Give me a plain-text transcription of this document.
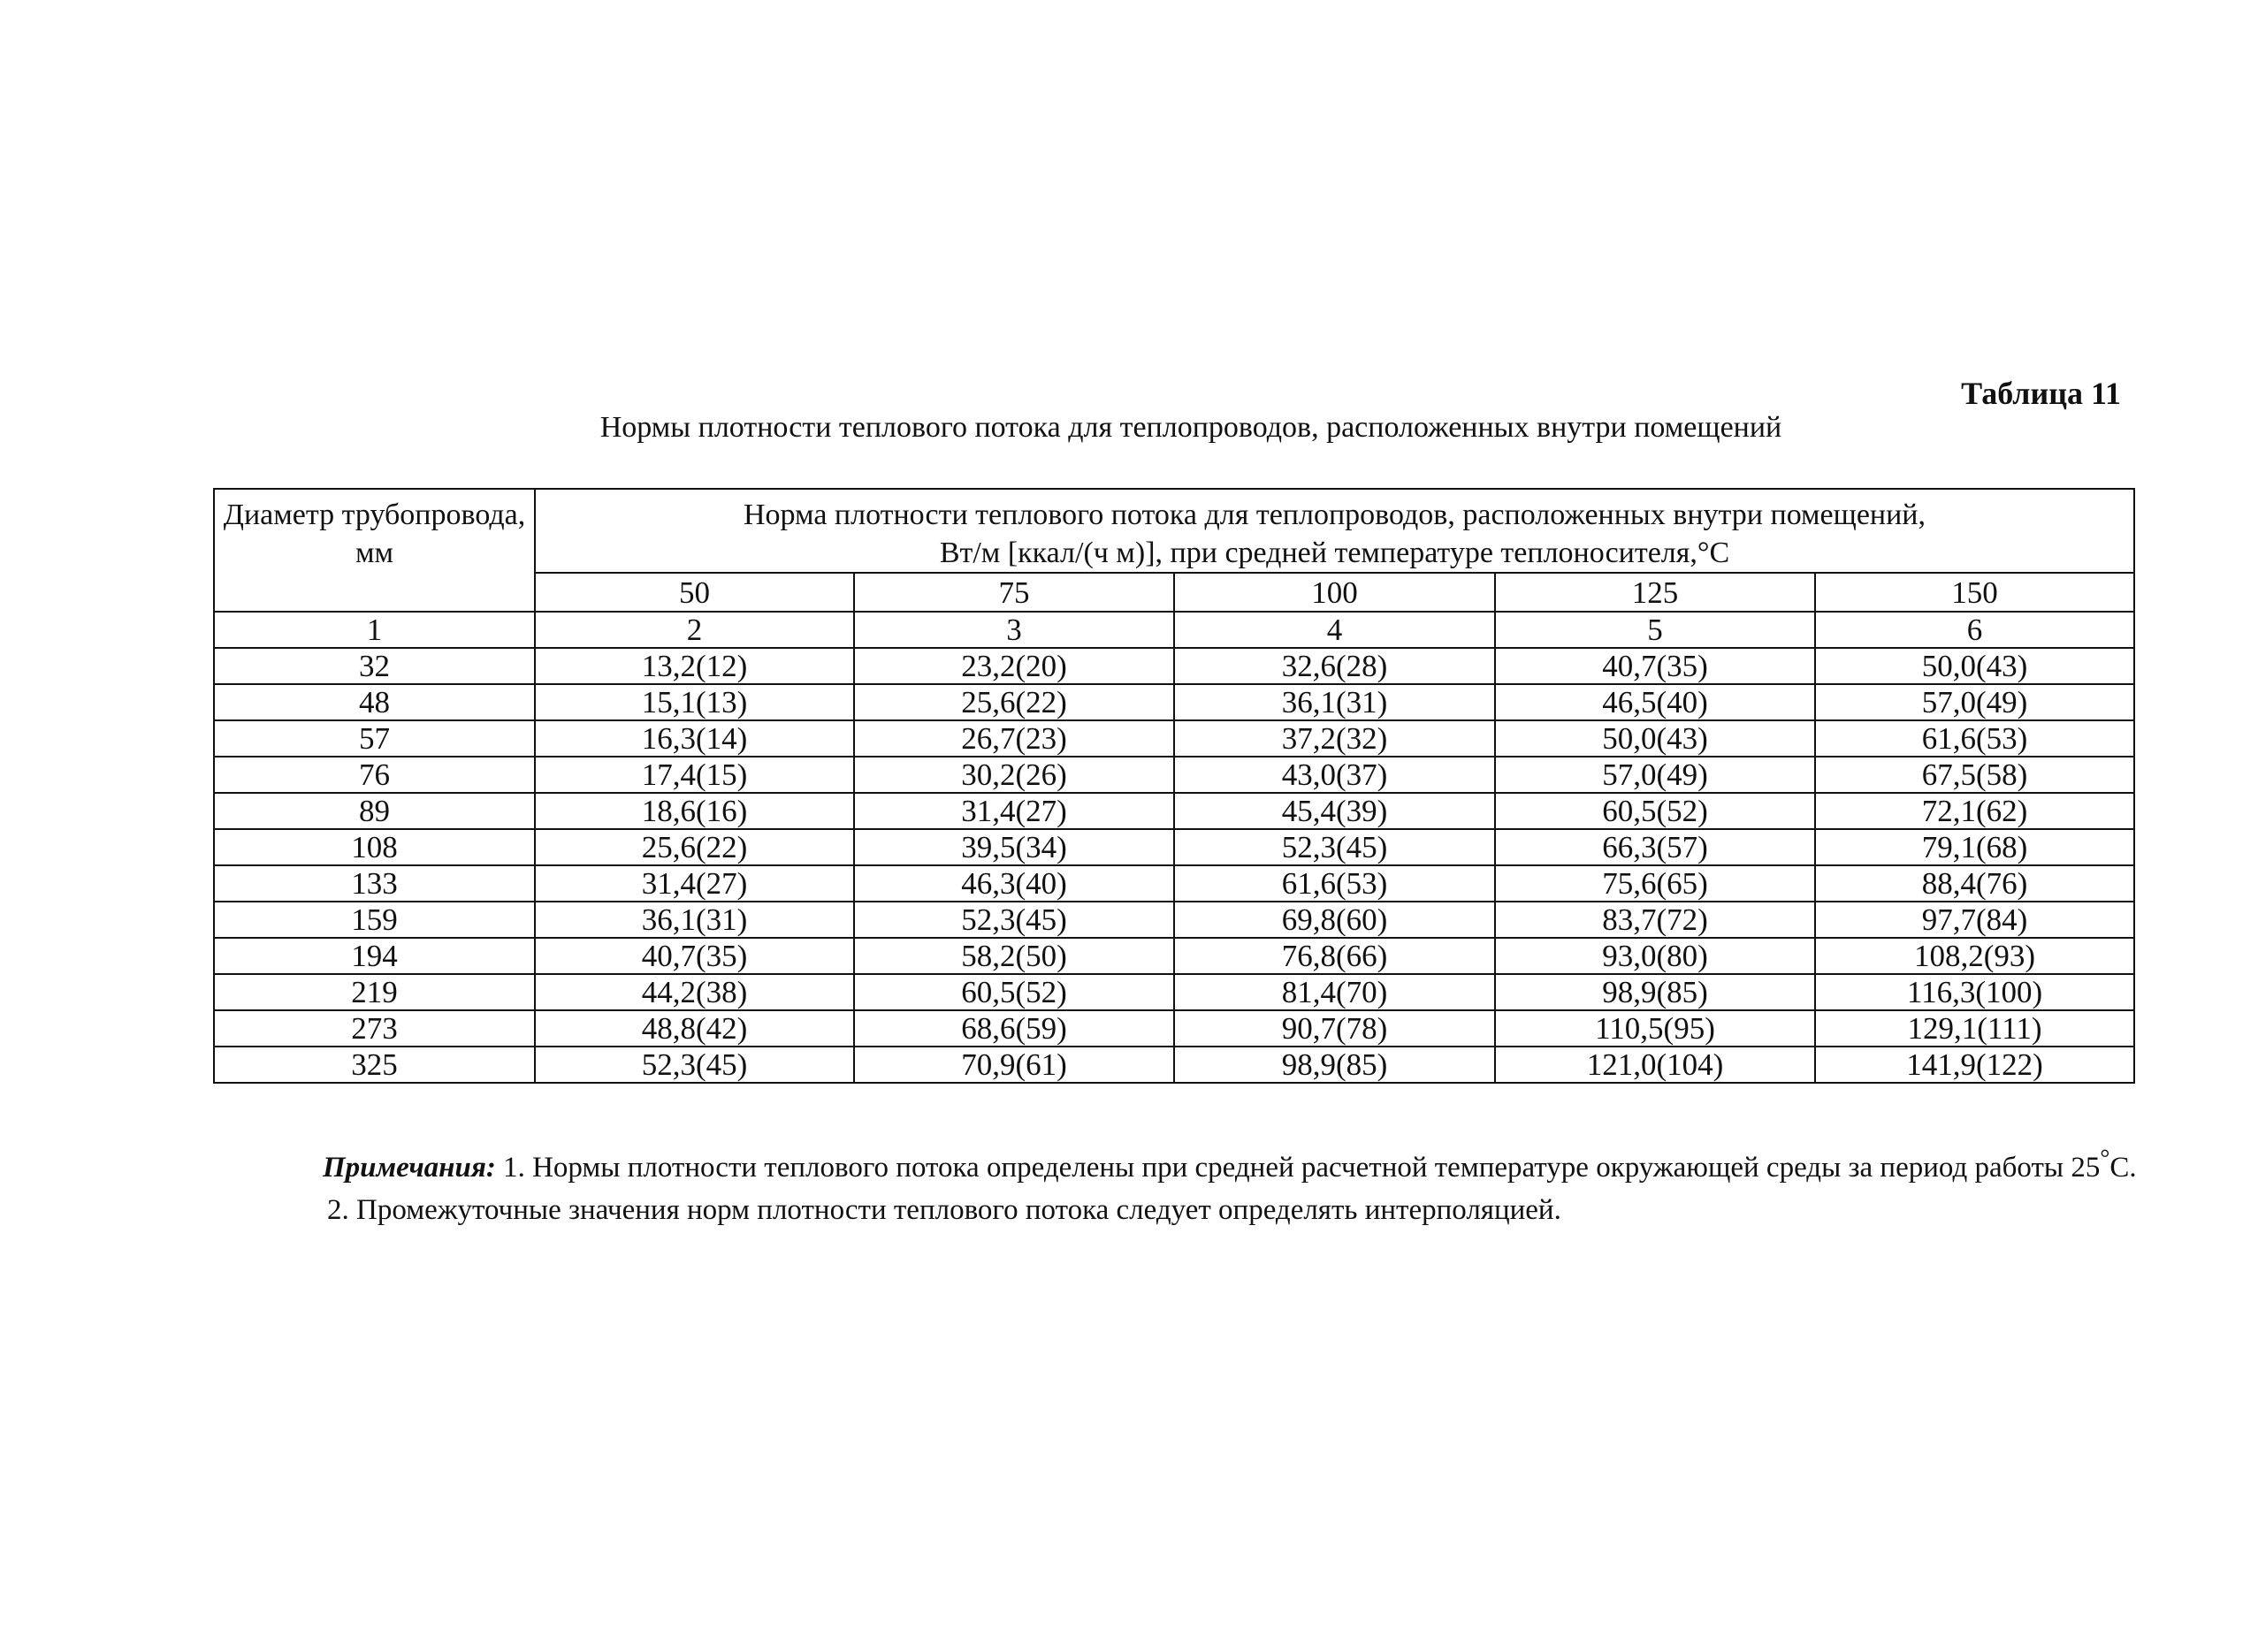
Таблица 11
Нормы плотности теплового потока для теплопроводов, расположенных внутри помещений
Диаметр трубопровода, мм	Норма плотности теплового потока для теплопроводов, расположенных внутри помещений,
Вт/м [ккал/(ч м)], при средней температуре теплоносителя,°С				

	50	75	100	125	150
1	2	3	4	5	6
32	13,2(12)	23,2(20)	32,6(28)	40,7(35)	50,0(43)
48	15,1(13)	25,6(22)	36,1(31)	46,5(40)	57,0(49)
57	16,3(14)	26,7(23)	37,2(32)	50,0(43)	61,6(53)
76	17,4(15)	30,2(26)	43,0(37)	57,0(49)	67,5(58)
89	18,6(16)	31,4(27)	45,4(39)	60,5(52)	72,1(62)
108	25,6(22)	39,5(34)	52,3(45)	66,3(57)	79,1(68)
133	31,4(27)	46,3(40)	61,6(53)	75,6(65)	88,4(76)
159	36,1(31)	52,3(45)	69,8(60)	83,7(72)	97,7(84)
194	40,7(35)	58,2(50)	76,8(66)	93,0(80)	108,2(93)
219	44,2(38)	60,5(52)	81,4(70)	98,9(85)	116,3(100)
273	48,8(42)	68,6(59)	90,7(78)	110,5(95)	129,1(111)
325	52,3(45)	70,9(61)	98,9(85)	121,0(104)	141,9(122)
Примечания: 1. Нормы плотности теплового потока определены при средней расчетной температуре окружающей среды за период работы 25°С.
2. Промежуточные значения норм плотности теплового потока следует определять интерполяцией.
